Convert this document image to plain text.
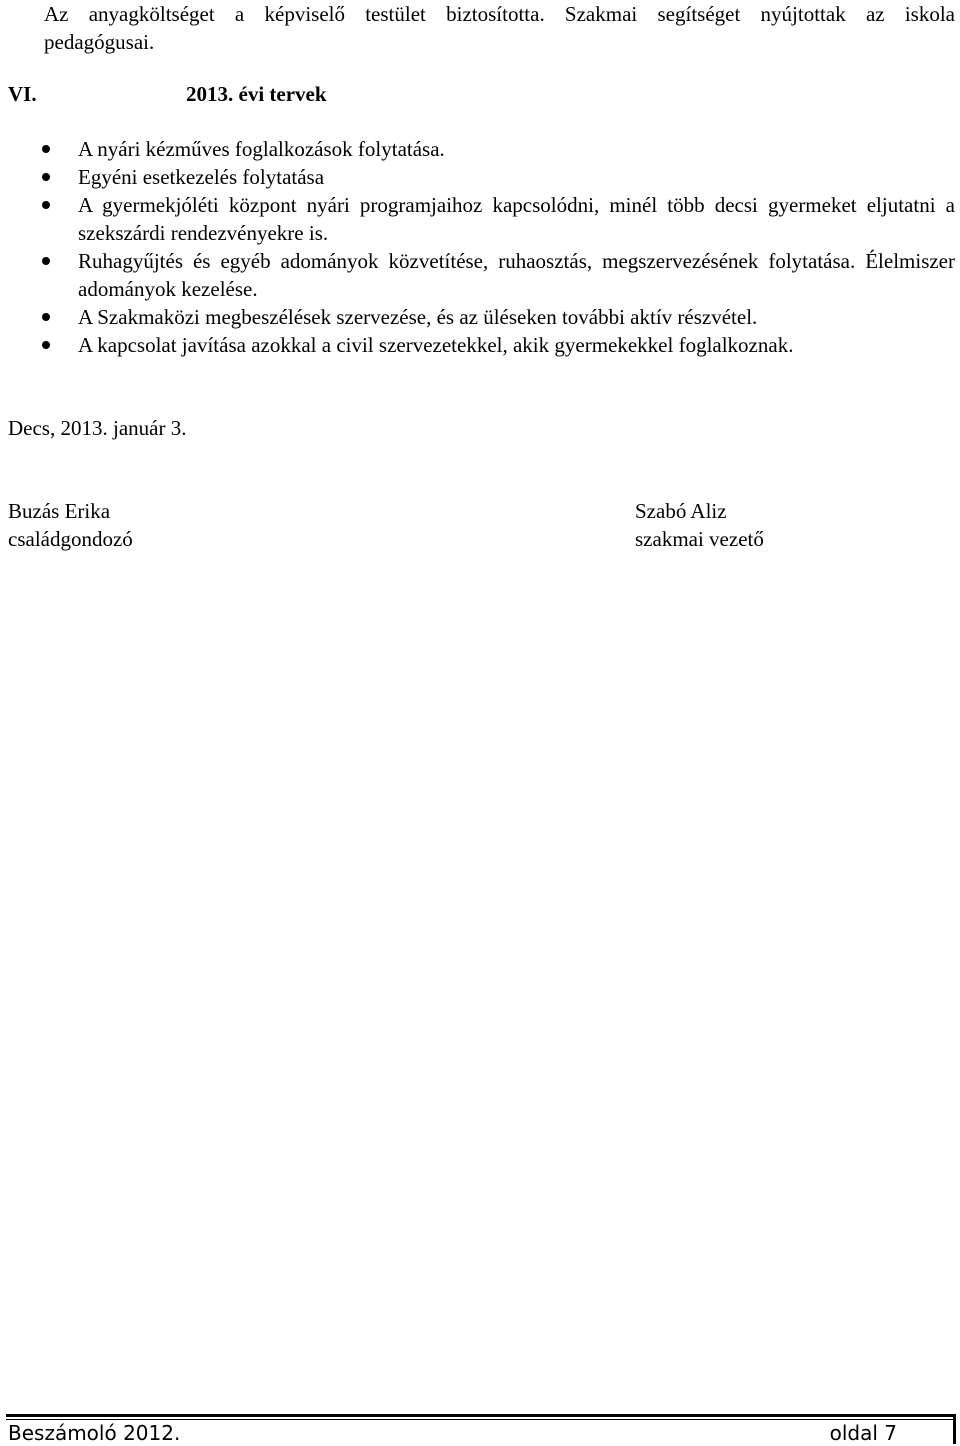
Az anyagköltséget a képviselő testület biztosította. Szakmai segítséget nyújtottak az iskola
pedagógusai.
VI.	2013. évi tervek
A nyári kézműves foglalkozások folytatása.
Egyéni esetkezelés folytatása
A gyermekjóléti központ nyári programjaihoz kapcsolódni, minél több decsi gyermeket eljutatni a szekszárdi rendezvényekre is.
Ruhagyűjtés és egyéb adományok közvetítése, ruhaosztás, megszervezésének folytatása. Élelmiszer adományok kezelése.
A Szakmaközi megbeszélések szervezése, és az üléseken további aktív részvétel.
A kapcsolat javítása azokkal a civil szervezetekkel, akik gyermekekkel foglalkoznak.
Decs, 2013. január 3.
Buzás Erika
családgondozó
Szabó Aliz
szakmai vezető
Beszámoló 2012.	oldal 7
